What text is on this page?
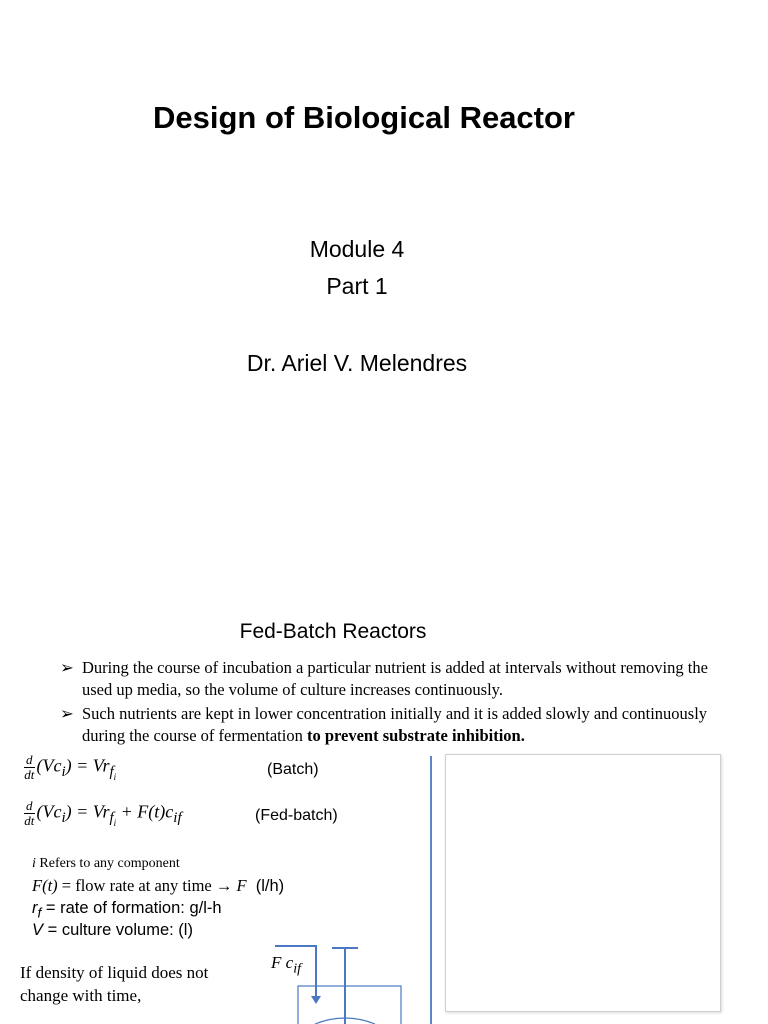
Design of Biological Reactor
Module 4
Part 1
Dr. Ariel V. Melendres
Fed-Batch Reactors
➢ During the course of incubation a particular nutrient is added at intervals without removing the used up media, so the volume of culture increases continuously.
➢ Such nutrients are kept in lower concentration initially and it is added slowly and continuously during the course of fermentation to prevent substrate inhibition.
$\frac{d}{dt} (Vc_i) = Vr_{f_i}$	(Batch)
$\frac{d}{dt} (Vc_i) = Vr_{f_i} + F(t)c_{if}$	(Fed-batch)
i Refers to any component
F(t) = flow rate at any time → F (l/h)
$r_f$ = rate of formation: g/l-h
V = culture volume: (l)
If density of liquid does not
change with time,
F $c_{if}$
